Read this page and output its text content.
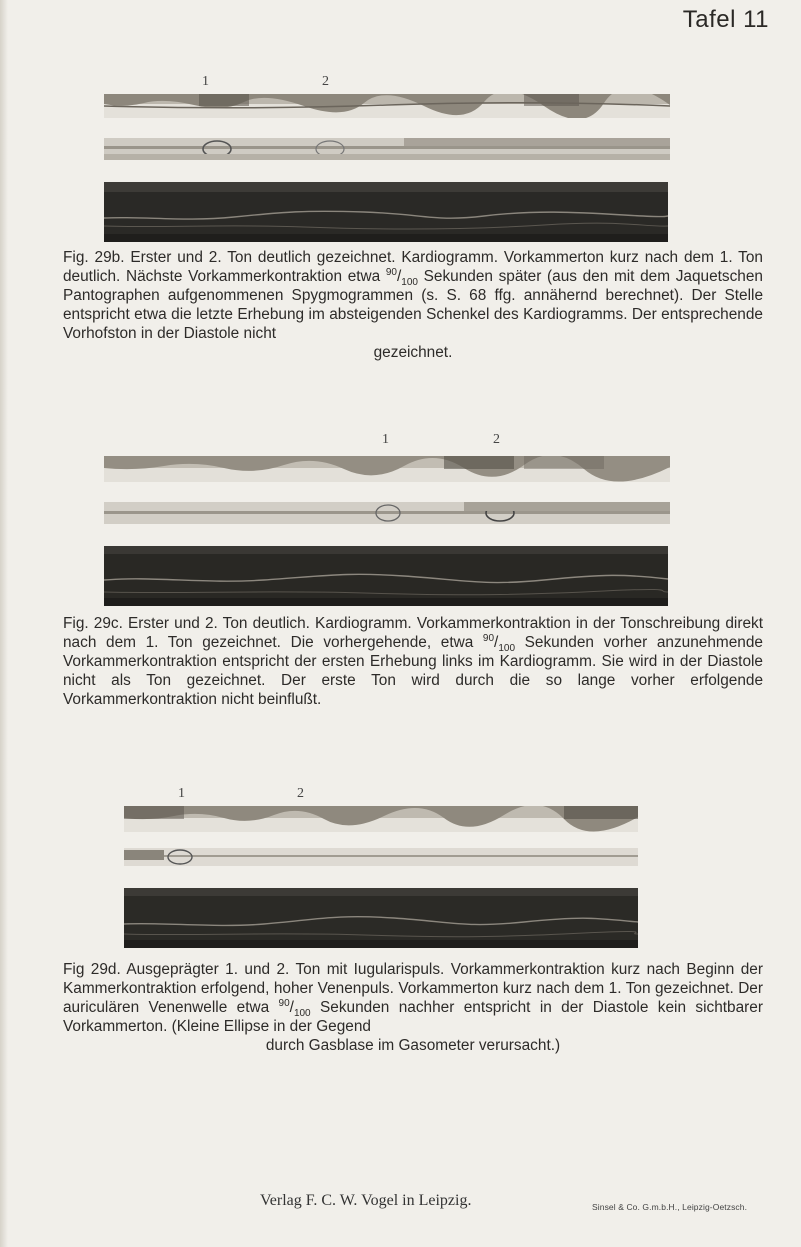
Tafel 11
1	2
Fig. 29b. Erster und 2. Ton deutlich gezeichnet. Kardiogramm. Vorkammerton kurz nach dem 1. Ton deutlich. Nächste Vorkammerkontraktion etwa $^{90}/_{100}$ Sekunden später (aus den mit dem Jaquetschen Pantographen aufgenommenen Spygmogrammen (s. S. 68 ffg. annähernd berechnet). Der Stelle entspricht etwa die letzte Erhebung im absteigenden Schenkel des Kardiogramms. Der entsprechende Vorhofston in der Diastole nicht
gezeichnet.
1	2
Fig. 29c. Erster und 2. Ton deutlich. Kardiogramm. Vorkammerkontraktion in der Tonschreibung direkt nach dem 1. Ton gezeichnet. Die vorhergehende, etwa $^{90}/_{100}$ Sekunden vorher anzunehmende Vorkammerkontraktion entspricht der ersten Erhebung links im Kardiogramm. Sie wird in der Diastole nicht als Ton gezeichnet. Der erste Ton wird durch die so lange vorher erfolgende Vorkammerkontraktion nicht beinflußt.
1	2
Fig 29d. Ausgeprägter 1. und 2. Ton mit Iugularispuls. Vorkammerkontraktion kurz nach Beginn der Kammerkontraktion erfolgend, hoher Venenpuls. Vorkammerton kurz nach dem 1. Ton gezeichnet. Der auriculären Venenwelle etwa $^{90}/_{100}$ Sekunden nachher entspricht in der Diastole kein sichtbarer Vorkammerton. (Kleine Ellipse in der Gegend
durch Gasblase im Gasometer verursacht.)
Verlag F. C. W. Vogel in Leipzig.	Sinsel & Co. G.m.b.H., Leipzig-Oetzsch.
